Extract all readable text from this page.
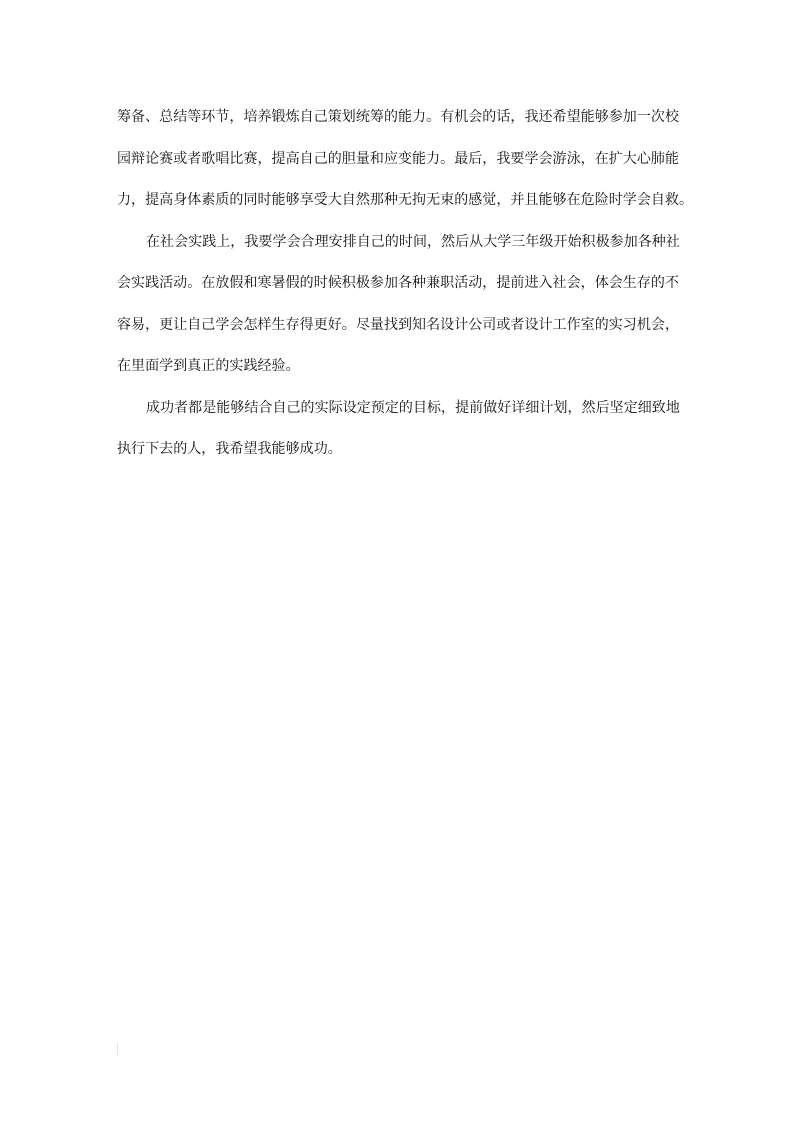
筹备、总结等环节，培养锻炼自己策划统筹的能力。有机会的话，我还希望能够参加一次校
园辩论赛或者歌唱比赛，提高自己的胆量和应变能力。最后，我要学会游泳，在扩大心肺能
力，提高身体素质的同时能够享受大自然那种无拘无束的感觉，并且能够在危险时学会自救。
在社会实践上，我要学会合理安排自己的时间，然后从大学三年级开始积极参加各种社
会实践活动。在放假和寒暑假的时候积极参加各种兼职活动，提前进入社会，体会生存的不
容易，更让自己学会怎样生存得更好。尽量找到知名设计公司或者设计工作室的实习机会，
在里面学到真正的实践经验。
成功者都是能够结合自己的实际设定预定的目标，提前做好详细计划，然后坚定细致地
执行下去的人，我希望我能够成功。
